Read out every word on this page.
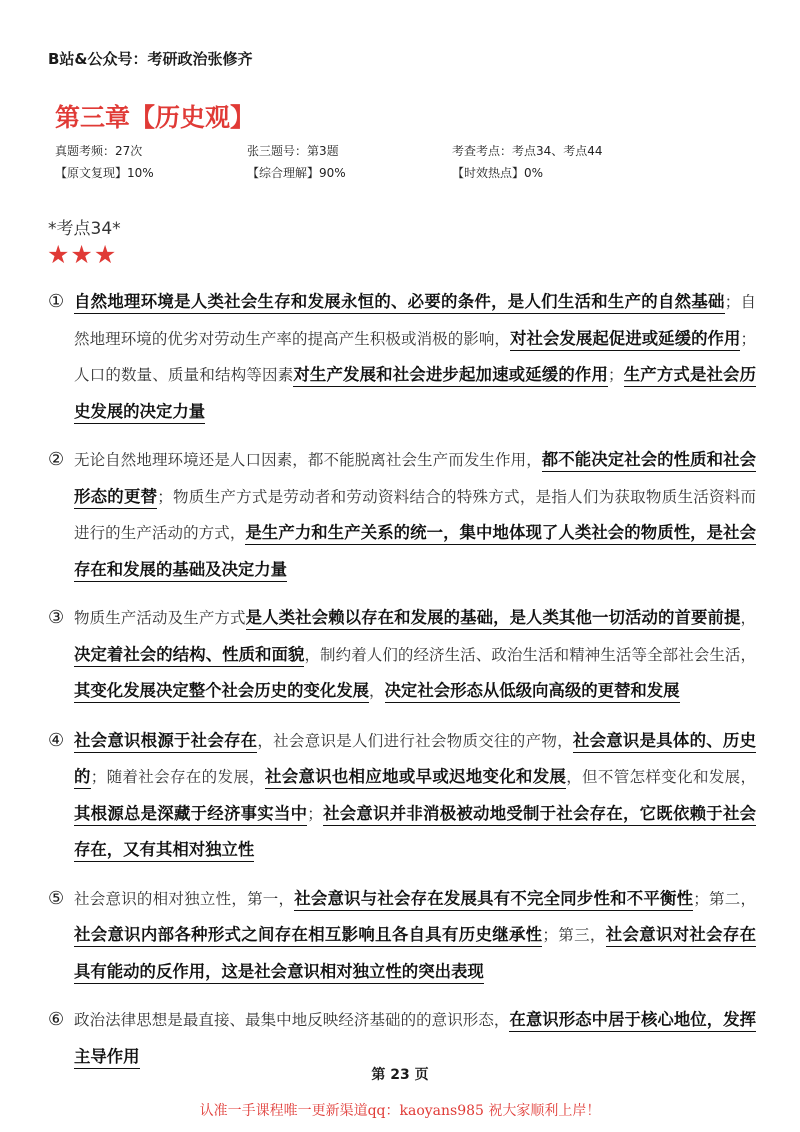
B站&公众号：考研政治张修齐
第三章【历史观】
真题考频：27次	张三题号：第3题	考查考点：考点34、考点44
【原文复现】10%	【综合理解】90%	【时效热点】0%
*考点34*
★★★
① 自然地理环境是人类社会生存和发展永恒的、必要的条件，是人们生活和生产的自然基础；自然地理环境的优劣对劳动生产率的提高产生积极或消极的影响，对社会发展起促进或延缓的作用；人口的数量、质量和结构等因素对生产发展和社会进步起加速或延缓的作用；生产方式是社会历史发展的决定力量
② 无论自然地理环境还是人口因素，都不能脱离社会生产而发生作用，都不能决定社会的性质和社会形态的更替；物质生产方式是劳动者和劳动资料结合的特殊方式，是指人们为获取物质生活资料而进行的生产活动的方式，是生产力和生产关系的统一，集中地体现了人类社会的物质性，是社会存在和发展的基础及决定力量
③ 物质生产活动及生产方式是人类社会赖以存在和发展的基础，是人类其他一切活动的首要前提，决定着社会的结构、性质和面貌，制约着人们的经济生活、政治生活和精神生活等全部社会生活，其变化发展决定整个社会历史的变化发展，决定社会形态从低级向高级的更替和发展
④ 社会意识根源于社会存在，社会意识是人们进行社会物质交往的产物，社会意识是具体的、历史的；随着社会存在的发展，社会意识也相应地或早或迟地变化和发展，但不管怎样变化和发展，其根源总是深藏于经济事实当中；社会意识并非消极被动地受制于社会存在，它既依赖于社会存在，又有其相对独立性
⑤ 社会意识的相对独立性，第一，社会意识与社会存在发展具有不完全同步性和不平衡性；第二，社会意识内部各种形式之间存在相互影响且各自具有历史继承性；第三，社会意识对社会存在具有能动的反作用，这是社会意识相对独立性的突出表现
⑥ 政治法律思想是最直接、最集中地反映经济基础的的意识形态，在意识形态中居于核心地位，发挥主导作用
第 23 页
认准一手课程唯一更新渠道qq：kaoyans985 祝大家顺利上岸！
